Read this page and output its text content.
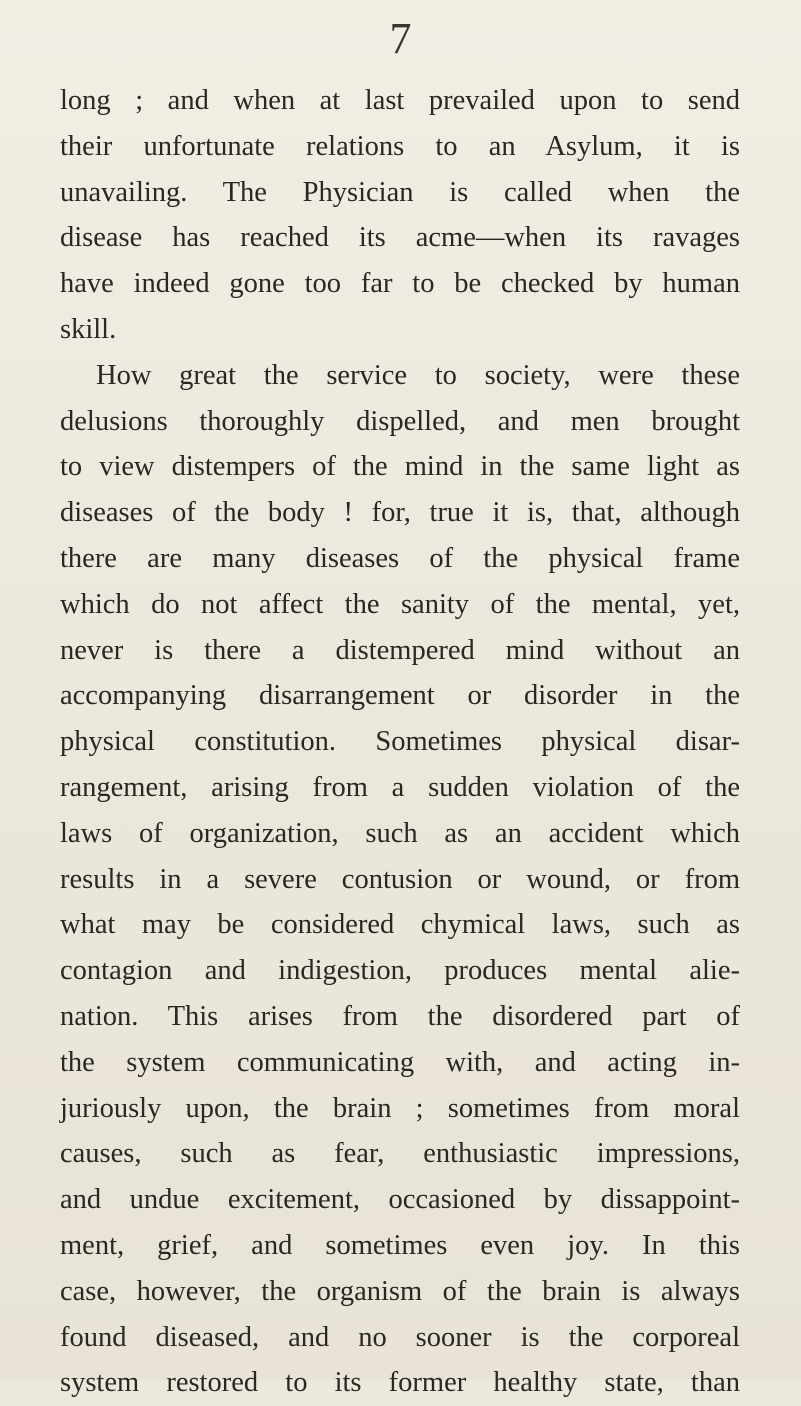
7
long ; and when at last prevailed upon to send
their unfortunate relations to an Asylum, it is
unavailing. The Physician is called when the
disease has reached its acme—when its ravages
have indeed gone too far to be checked by human
skill.
How great the service to society, were these
delusions thoroughly dispelled, and men brought
to view distempers of the mind in the same light as
diseases of the body ! for, true it is, that, although
there are many diseases of the physical frame
which do not affect the sanity of the mental, yet,
never is there a distempered mind without an
accompanying disarrangement or disorder in the
physical constitution. Sometimes physical disar-
rangement, arising from a sudden violation of the
laws of organization, such as an accident which
results in a severe contusion or wound, or from
what may be considered chymical laws, such as
contagion and indigestion, produces mental alie-
nation. This arises from the disordered part of
the system communicating with, and acting in-
juriously upon, the brain ; sometimes from moral
causes, such as fear, enthusiastic impressions,
and undue excitement, occasioned by dissappoint-
ment, grief, and sometimes even joy. In this
case, however, the organism of the brain is always
found diseased, and no sooner is the corporeal
system restored to its former healthy state, than
